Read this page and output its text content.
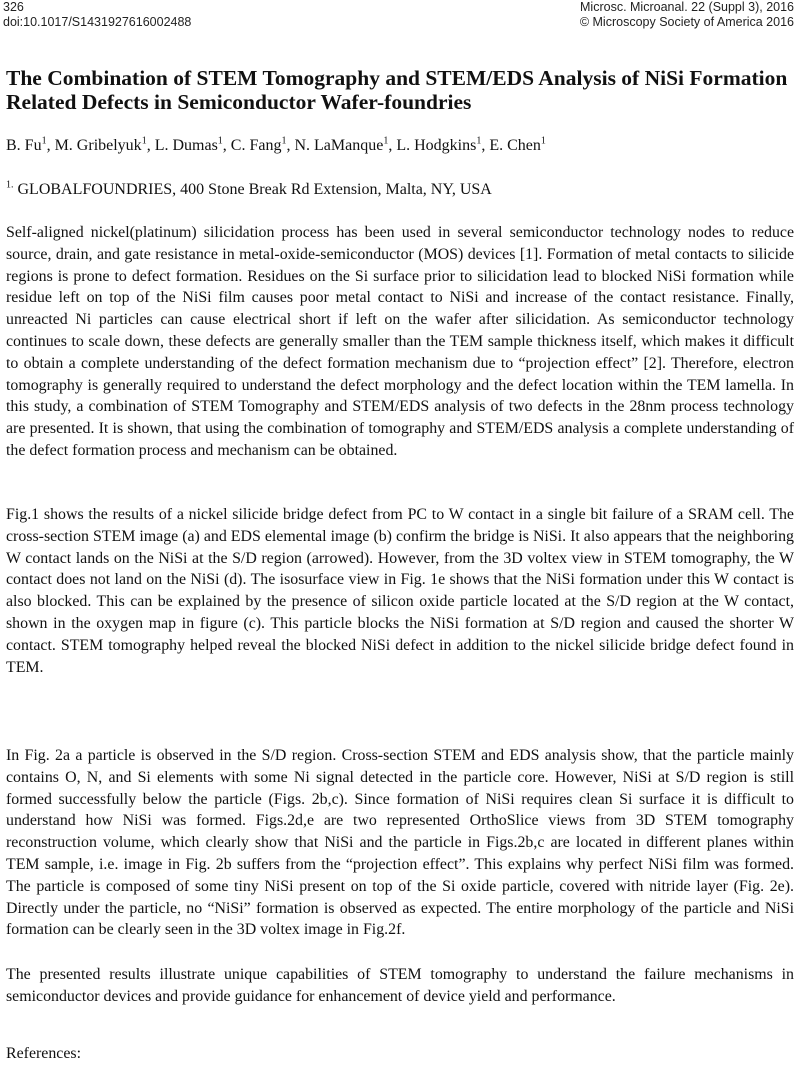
326
doi:10.1017/S1431927616002488
Microsc. Microanal. 22 (Suppl 3), 2016
© Microscopy Society of America 2016
The Combination of STEM Tomography and STEM/EDS Analysis of NiSi Formation Related Defects in Semiconductor Wafer-foundries

B. Fu$^1$, M. Gribelyuk$^1$, L. Dumas$^1$, C. Fang$^1$, N. LaManque$^1$, L. Hodgkins$^1$, E. Chen$^1$

$^{1.}$ GLOBALFOUNDRIES, 400 Stone Break Rd Extension, Malta, NY, USA

Self-aligned nickel(platinum) silicidation process has been used in several semiconductor technology nodes to reduce source, drain, and gate resistance in metal-oxide-semiconductor (MOS) devices [1]. Formation of metal contacts to silicide regions is prone to defect formation. Residues on the Si surface prior to silicidation lead to blocked NiSi formation while residue left on top of the NiSi film causes poor metal contact to NiSi and increase of the contact resistance. Finally, unreacted Ni particles can cause electrical short if left on the wafer after silicidation. As semiconductor technology continues to scale down, these defects are generally smaller than the TEM sample thickness itself, which makes it difficult to obtain a complete understanding of the defect formation mechanism due to “projection effect” [2]. Therefore, electron tomography is generally required to understand the defect morphology and the defect location within the TEM lamella. In this study, a combination of STEM Tomography and STEM/EDS analysis of two defects in the 28nm process technology are presented. It is shown, that using the combination of tomography and STEM/EDS analysis a complete understanding of the defect formation process and mechanism can be obtained.

Fig.1 shows the results of a nickel silicide bridge defect from PC to W contact in a single bit failure of a SRAM cell. The cross-section STEM image (a) and EDS elemental image (b) confirm the bridge is NiSi. It also appears that the neighboring W contact lands on the NiSi at the S/D region (arrowed). However, from the 3D voltex view in STEM tomography, the W contact does not land on the NiSi (d). The isosurface view in Fig. 1e shows that the NiSi formation under this W contact is also blocked. This can be explained by the presence of silicon oxide particle located at the S/D region at the W contact, shown in the oxygen map in figure (c). This particle blocks the NiSi formation at S/D region and caused the shorter W contact. STEM tomography helped reveal the blocked NiSi defect in addition to the nickel silicide bridge defect found in TEM.

In Fig. 2a a particle is observed in the S/D region. Cross-section STEM and EDS analysis show, that the particle mainly contains O, N, and Si elements with some Ni signal detected in the particle core. However, NiSi at S/D region is still formed successfully below the particle (Figs. 2b,c). Since formation of NiSi requires clean Si surface it is difficult to understand how NiSi was formed. Figs.2d,e are two represented OrthoSlice views from 3D STEM tomography reconstruction volume, which clearly show that NiSi and the particle in Figs.2b,c are located in different planes within TEM sample, i.e. image in Fig. 2b suffers from the “projection effect”. This explains why perfect NiSi film was formed. The particle is composed of some tiny NiSi present on top of the Si oxide particle, covered with nitride layer (Fig. 2e). Directly under the particle, no “NiSi” formation is observed as expected. The entire morphology of the particle and NiSi formation can be clearly seen in the 3D voltex image in Fig.2f.

The presented results illustrate unique capabilities of STEM tomography to understand the failure mechanisms in semiconductor devices and provide guidance for enhancement of device yield and performance.

References:
